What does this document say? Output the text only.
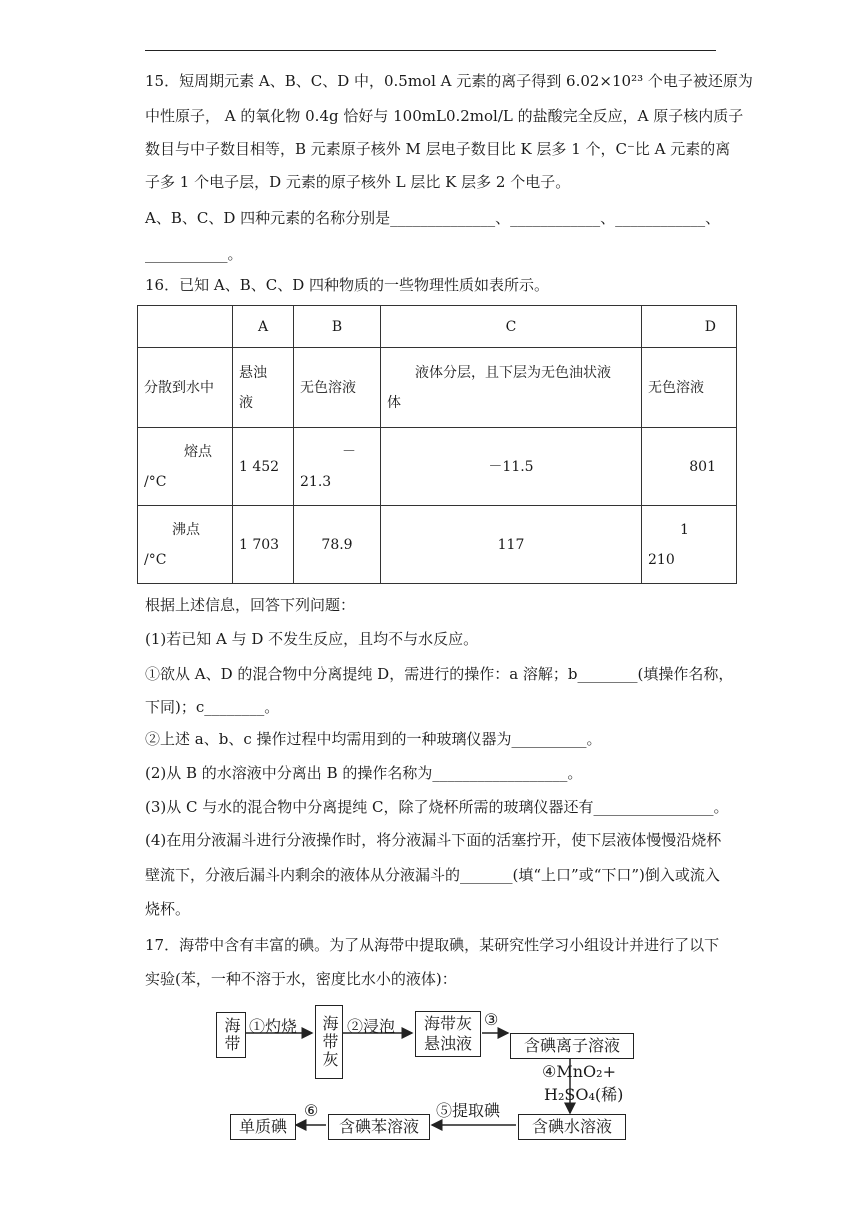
15．短周期元素 A、B、C、D 中，0.5mol A 元素的离子得到 6.02×10²³ 个电子被还原为

中性原子， A 的氧化物 0.4g 恰好与 100mL0.2mol/L 的盐酸完全反应，A 原子核内质子

数目与中子数目相等，B 元素原子核外 M 层电子数目比 K 层多 1 个，C⁻比 A 元素的离

子多 1 个电子层，D 元素的原子核外 L 层比 K 层多 2 个电子。

A、B、C、D 四种元素的名称分别是______________、____________、____________、

___________。

16．已知 A、B、C、D 四种物质的一些物理性质如表所示。

	A	B	C	D
分散到水中	悬浊
液	无色溶液	液体分层，且下层为无色油状液
体	无色溶液
熔点
/°C	1 452	－
21.3	－11.5	801
沸点
/°C	1 703	78.9	117	1
210

根据上述信息，回答下列问题：

(1)若已知 A 与 D 不发生反应，且均不与水反应。

①欲从 A、D 的混合物中分离提纯 D，需进行的操作：a 溶解；b________(填操作名称，

下同)；c________。

②上述 a、b、c 操作过程中均需用到的一种玻璃仪器为__________。

(2)从 B 的水溶液中分离出 B 的操作名称为__________________。

(3)从 C 与水的混合物中分离提纯 C，除了烧杯所需的玻璃仪器还有________________。

(4)在用分液漏斗进行分液操作时，将分液漏斗下面的活塞拧开，使下层液体慢慢沿烧杯

壁流下，分液后漏斗内剩余的液体从分液漏斗的_______(填“上口”或“下口”)倒入或流入

烧杯。

17．海带中含有丰富的碘。为了从海带中提取碘，某研究性学习小组设计并进行了以下

实验(苯，一种不溶于水，密度比水小的液体)：

海带 ①灼烧 海带灰 ②浸泡 海带灰
悬浊液
③
含碘离子溶液
④MnO₂+
H₂SO₄(稀)
含碘水溶液
⑤提取碘
含碘苯溶液
⑥
单质碘
